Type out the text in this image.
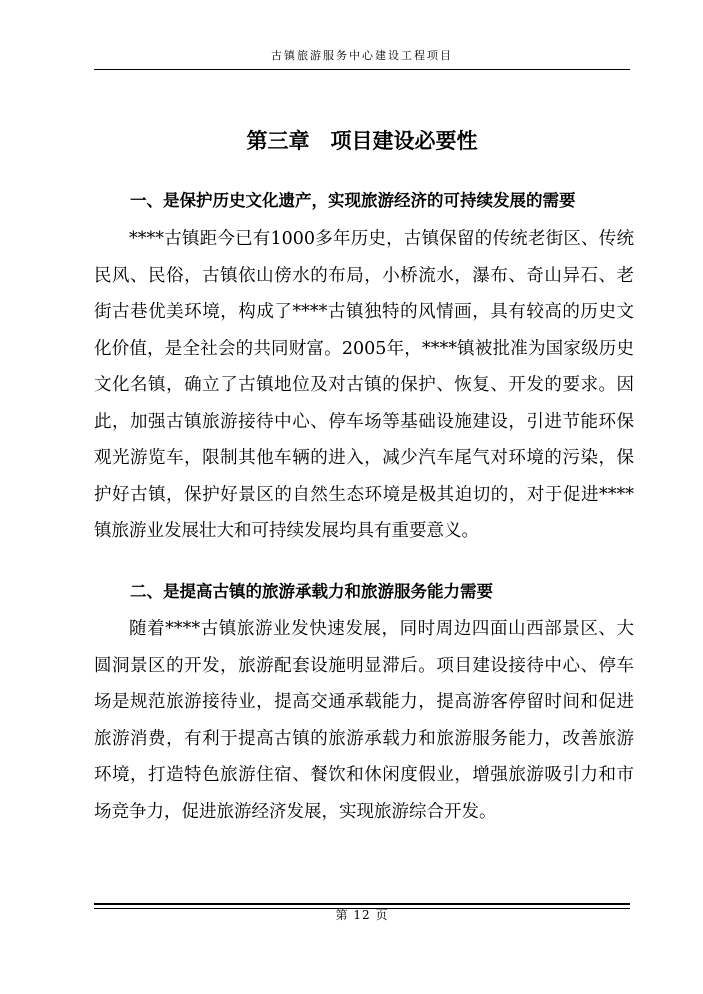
古镇旅游服务中心建设工程项目
第三章　项目建设必要性
一、是保护历史文化遗产，实现旅游经济的可持续发展的需要

****古镇距今已有1000多年历史，古镇保留的传统老街区、传统民风、民俗，古镇依山傍水的布局，小桥流水，瀑布、奇山异石、老街古巷优美环境，构成了****古镇独特的风情画，具有较高的历史文化价值，是全社会的共同财富。2005年，****镇被批准为国家级历史文化名镇，确立了古镇地位及对古镇的保护、恢复、开发的要求。因此，加强古镇旅游接待中心、停车场等基础设施建设，引进节能环保观光游览车，限制其他车辆的进入，减少汽车尾气对环境的污染，保护好古镇，保护好景区的自然生态环境是极其迫切的，对于促进****镇旅游业发展壮大和可持续发展均具有重要意义。

二、是提高古镇的旅游承载力和旅游服务能力需要

随着****古镇旅游业发快速发展，同时周边四面山西部景区、大圆洞景区的开发，旅游配套设施明显滞后。项目建设接待中心、停车场是规范旅游接待业，提高交通承载能力，提高游客停留时间和促进旅游消费，有利于提高古镇的旅游承载力和旅游服务能力，改善旅游环境，打造特色旅游住宿、餐饮和休闲度假业，增强旅游吸引力和市场竞争力，促进旅游经济发展，实现旅游综合开发。

第 12 页
